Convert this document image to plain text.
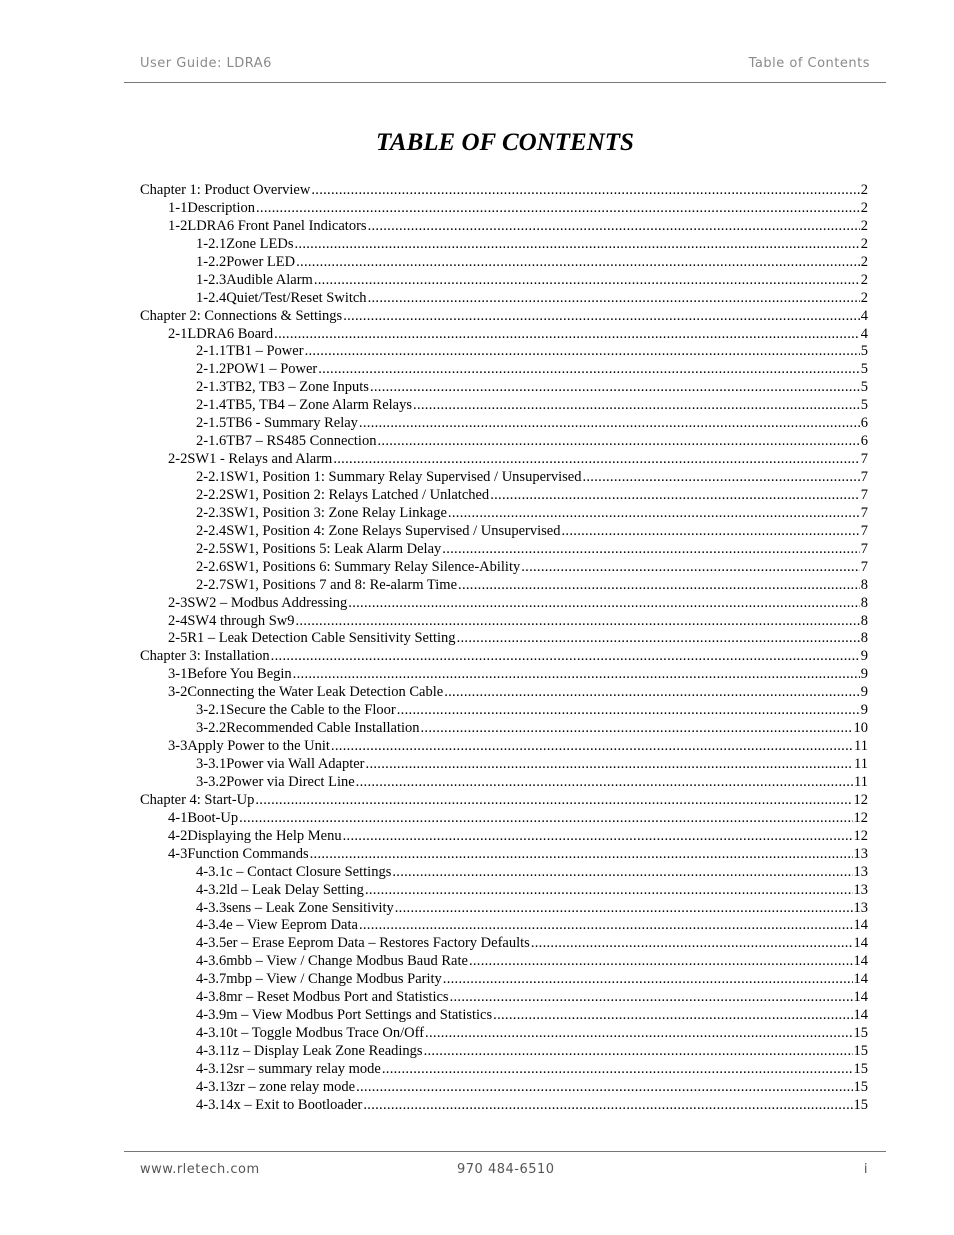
User Guide: LDRA6	Table of Contents
TABLE OF CONTENTS
Chapter 1: Product Overview .....	2
1-1 Description .....	2
1-2 LDRA6 Front Panel Indicators .....	2
1-2.1 Zone LEDs .....	2
1-2.2 Power LED .....	2
1-2.3 Audible Alarm .....	2
1-2.4 Quiet/Test/Reset Switch .....	2
Chapter 2: Connections & Settings .....	4
2-1 LDRA6 Board .....	4
2-1.1 TB1 – Power .....	5
2-1.2 POW1 – Power .....	5
2-1.3 TB2, TB3 – Zone Inputs .....	5
2-1.4 TB5, TB4 – Zone Alarm Relays .....	5
2-1.5 TB6 - Summary Relay .....	6
2-1.6 TB7 – RS485 Connection .....	6
2-2 SW1 - Relays and Alarm .....	7
2-2.1 SW1, Position 1: Summary Relay Supervised / Unsupervised .....	7
2-2.2 SW1, Position 2: Relays Latched / Unlatched .....	7
2-2.3 SW1, Position 3: Zone Relay Linkage .....	7
2-2.4 SW1, Position 4: Zone Relays Supervised / Unsupervised .....	7
2-2.5 SW1, Positions 5: Leak Alarm Delay .....	7
2-2.6 SW1, Positions 6: Summary Relay Silence-Ability .....	7
2-2.7 SW1, Positions 7 and 8: Re-alarm Time .....	8
2-3 SW2 – Modbus Addressing .....	8
2-4 SW4 through Sw9 .....	8
2-5 R1 – Leak Detection Cable Sensitivity Setting .....	8
Chapter 3: Installation .....	9
3-1 Before You Begin .....	9
3-2 Connecting the Water Leak Detection Cable .....	9
3-2.1 Secure the Cable to the Floor .....	9
3-2.2 Recommended Cable Installation .....	10
3-3 Apply Power to the Unit .....	11
3-3.1 Power via Wall Adapter .....	11
3-3.2 Power via Direct Line .....	11
Chapter 4: Start-Up .....	12
4-1 Boot-Up .....	12
4-2 Displaying the Help Menu .....	12
4-3 Function Commands .....	13
4-3.1 c – Contact Closure Settings .....	13
4-3.2 ld – Leak Delay Setting .....	13
4-3.3 sens – Leak Zone Sensitivity .....	13
4-3.4 e – View Eeprom Data .....	14
4-3.5 er – Erase Eeprom Data – Restores Factory Defaults .....	14
4-3.6 mbb – View / Change Modbus Baud Rate .....	14
4-3.7 mbp – View / Change Modbus Parity .....	14
4-3.8 mr – Reset Modbus Port and Statistics .....	14
4-3.9 m – View Modbus Port Settings and Statistics .....	14
4-3.10 t – Toggle Modbus Trace On/Off .....	15
4-3.11 z – Display Leak Zone Readings .....	15
4-3.12 sr – summary relay mode .....	15
4-3.13 zr – zone relay mode .....	15
4-3.14 x – Exit to Bootloader .....	15
www.rletech.com	970 484-6510	i
